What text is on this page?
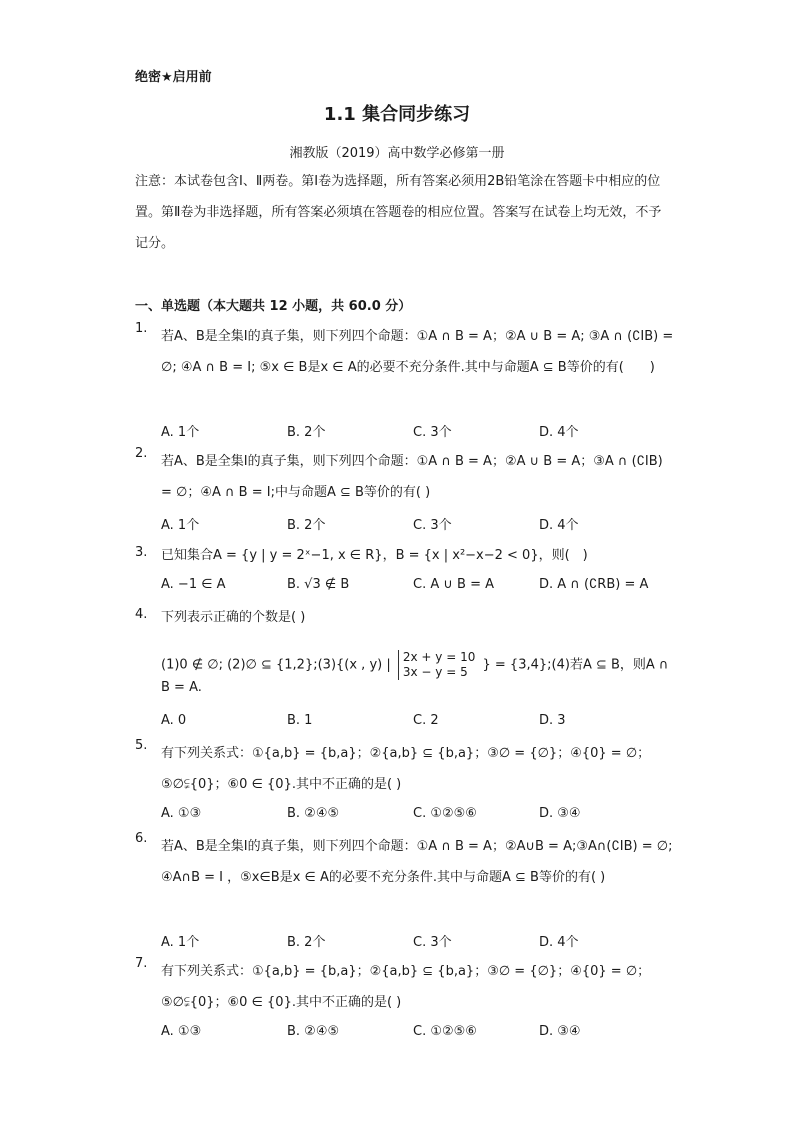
绝密★启用前
1.1 集合同步练习
湘教版（2019）高中数学必修第一册
注意：本试卷包含Ⅰ、Ⅱ两卷。第Ⅰ卷为选择题，所有答案必须用2B铅笔涂在答题卡中相应的位置。第Ⅱ卷为非选择题，所有答案必须填在答题卷的相应位置。答案写在试卷上均无效，不予记分。
一、单选题（本大题共 12 小题，共 60.0 分）
1.
若A、B是全集I的真子集，则下列四个命题：①A ∩ B = A；②A ∪ B = A; ③A ∩ (∁IB) = ∅; ④A ∩ B = I; ⑤x ∈ B是x ∈ A的必要不充分条件.其中与命题A ⊆ B等价的有(　　)
A. 1个	B. 2个	C. 3个	D. 4个
2.
若A、B是全集I的真子集，则下列四个命题：①A ∩ B = A；②A ∪ B = A；③A ∩ (∁IB) = ∅；④A ∩ B = I;中与命题A ⊆ B等价的有( )
A. 1个	B. 2个	C. 3个	D. 4个
3.	已知集合A = {y | y = 2ˣ−1, x ∈ R}，B = {x | x²−x−2 < 0}，则(　)
A. −1 ∈ A	B. √3 ∉ B	C. A ∪ B = A	D. A ∩ (∁RB) = A
4.	下列表示正确的个数是( )
(1)0 ∉ ∅; (2)∅ ⊆ {1,2};(3){(x , y) |
2x + y = 10
3x − y = 5	} = {3,4};(4)若A ⊆ B，则A ∩ B = A.
A. 0	B. 1	C. 2	D. 3
5.
有下列关系式：①{a,b} = {b,a}；②{a,b} ⊆ {b,a}；③∅ = {∅}；④{0} = ∅；⑤∅⫋{0}；⑥0 ∈ {0}.其中不正确的是( )
A. ①③	B. ②④⑤	C. ①②⑤⑥	D. ③④
6.
若A、B是全集I的真子集，则下列四个命题：①A ∩ B = A；②A∪B = A;③A∩(∁IB) = ∅; ④A∩B = I ，⑤x∈B是x ∈ A的必要不充分条件.其中与命题A ⊆ B等价的有( )
A. 1个	B. 2个	C. 3个	D. 4个
7.
有下列关系式：①{a,b} = {b,a}；②{a,b} ⊆ {b,a}；③∅ = {∅}；④{0} = ∅；⑤∅⫋{0}；⑥0 ∈ {0}.其中不正确的是( )
A. ①③	B. ②④⑤	C. ①②⑤⑥	D. ③④
